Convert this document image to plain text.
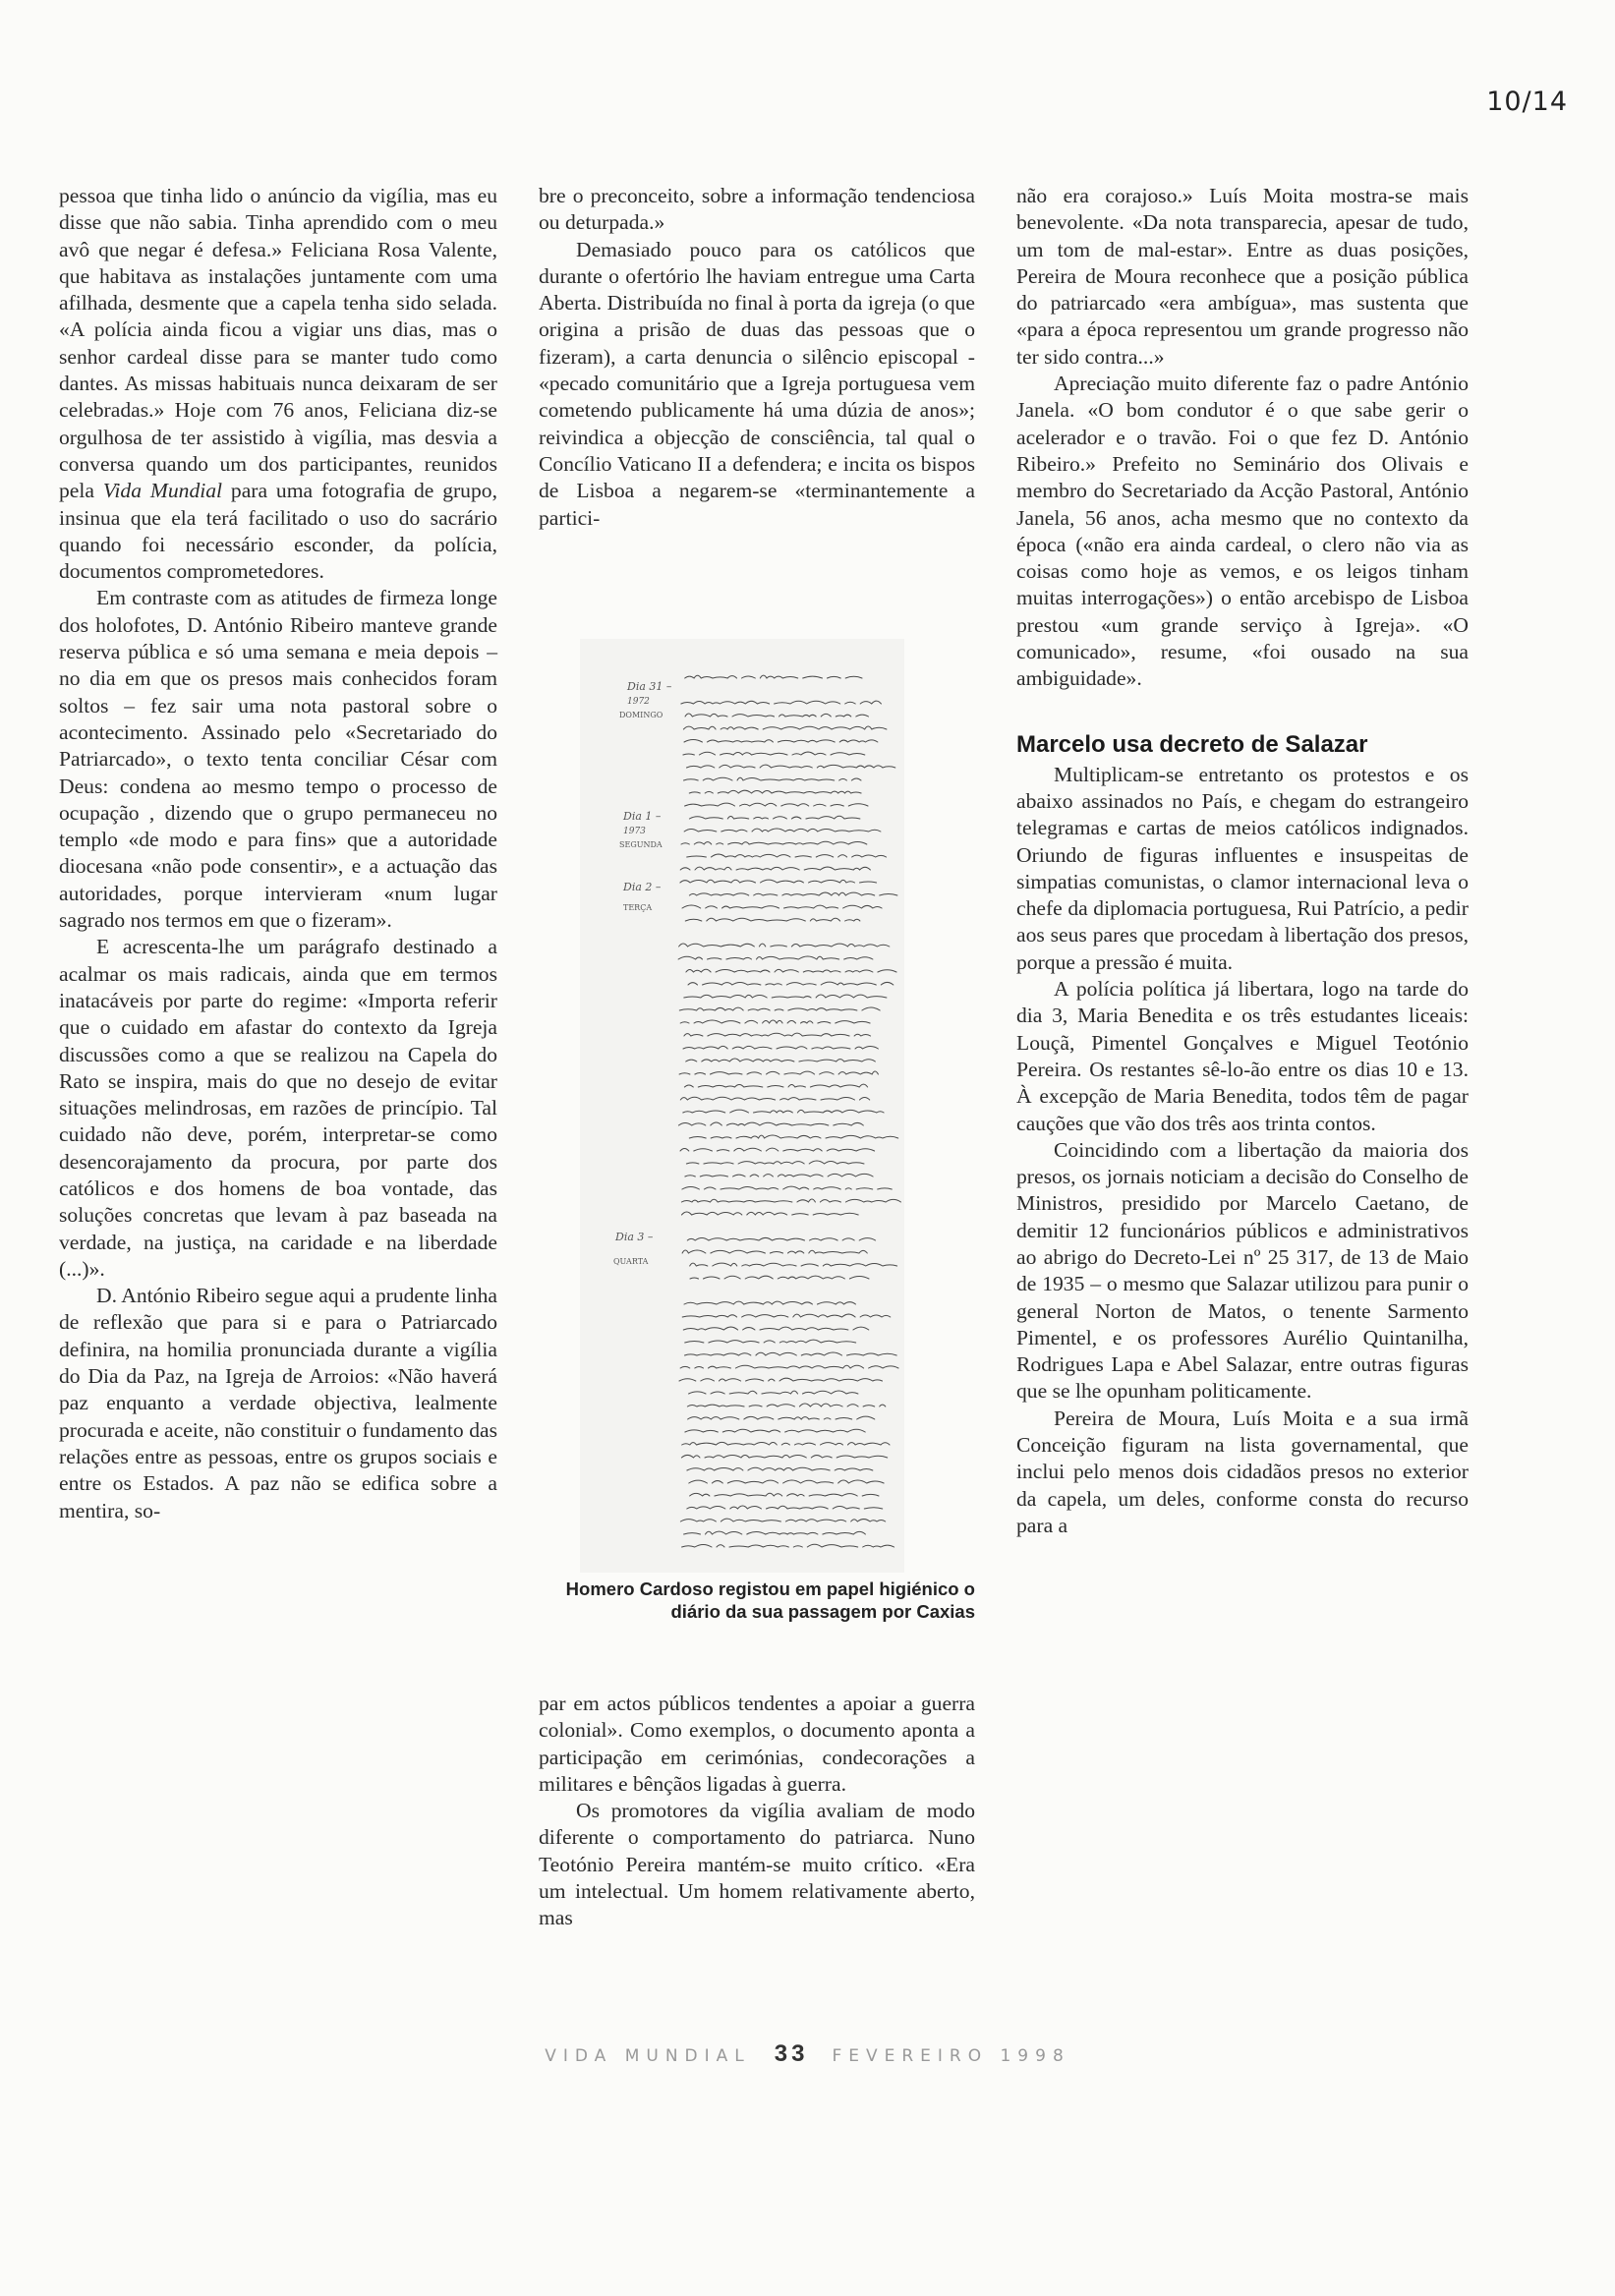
10/14

pessoa que tinha lido o anúncio da vigília, mas eu disse que não sabia. Tinha aprendido com o meu avô que negar é defesa.» Feliciana Rosa Valente, que habitava as instalações juntamente com uma afilhada, desmente que a capela tenha sido selada. «A polícia ainda ficou a vigiar uns dias, mas o senhor cardeal disse para se manter tudo como dantes. As missas habituais nunca deixaram de ser celebradas.» Hoje com 76 anos, Feliciana diz-se orgulhosa de ter assistido à vigília, mas desvia a conversa quando um dos participantes, reunidos pela Vida Mundial para uma fotografia de grupo, insinua que ela terá facilitado o uso do sacrário quando foi necessário esconder, da polícia, documentos comprometedores.

Em contraste com as atitudes de firmeza longe dos holofotes, D. António Ribeiro manteve grande reserva pública e só uma semana e meia depois – no dia em que os presos mais conhecidos foram soltos – fez sair uma nota pastoral sobre o acontecimento. Assinado pelo «Secretariado do Patriarcado», o texto tenta conciliar César com Deus: condena ao mesmo tempo o processo de ocupação , dizendo que o grupo permaneceu no templo «de modo e para fins» que a autoridade diocesana «não pode consentir», e a actuação das autoridades, porque intervieram «num lugar sagrado nos termos em que o fizeram».

E acrescenta-lhe um parágrafo destinado a acalmar os mais radicais, ainda que em termos inatacáveis por parte do regime: «Importa referir que o cuidado em afastar do contexto da Igreja discussões como a que se realizou na Capela do Rato se inspira, mais do que no desejo de evitar situações melindrosas, em razões de princípio. Tal cuidado não deve, porém, interpretar-se como desencorajamento da procura, por parte dos católicos e dos homens de boa vontade, das soluções concretas que levam à paz baseada na verdade, na justiça, na caridade e na liberdade (...)».

D. António Ribeiro segue aqui a prudente linha de reflexão que para si e para o Patriarcado definira, na homilia pronunciada durante a vigília do Dia da Paz, na Igreja de Arroios: «Não haverá paz enquanto a verdade objectiva, lealmente procurada e aceite, não constituir o fundamento das relações entre as pessoas, entre os grupos sociais e entre os Estados. A paz não se edifica sobre a mentira, so-

bre o preconceito, sobre a informação tendenciosa ou deturpada.»

Demasiado pouco para os católicos que durante o ofertório lhe haviam entregue uma Carta Aberta. Distribuída no final à porta da igreja (o que origina a prisão de duas das pessoas que o fizeram), a carta denuncia o silêncio episcopal - «pecado comunitário que a Igreja portuguesa vem cometendo publicamente há uma dúzia de anos»; reivindica a objecção de consciência, tal qual o Concílio Vaticano II a defendera; e incita os bispos de Lisboa a negarem-se «terminantemente a partici-

Dia 31 –
1972
DOMINGO
Dia 1 –
1973
SEGUNDA
Dia 2 –
TERÇA
Dia 3 –
QUARTA
Homero Cardoso registou em papel higiénico o diário da sua passagem por Caxias

par em actos públicos tendentes a apoiar a guerra colonial». Como exemplos, o documento aponta a participação em cerimónias, condecorações a militares e bênçãos ligadas à guerra.

Os promotores da vigília avaliam de modo diferente o comportamento do patriarca. Nuno Teotónio Pereira mantém-se muito crítico. «Era um intelectual. Um homem relativamente aberto, mas

não era corajoso.» Luís Moita mostra-se mais benevolente. «Da nota transparecia, apesar de tudo, um tom de mal-estar». Entre as duas posições, Pereira de Moura reconhece que a posição pública do patriarcado «era ambígua», mas sustenta que «para a época representou um grande progresso não ter sido contra...»

Apreciação muito diferente faz o padre António Janela. «O bom condutor é o que sabe gerir o acelerador e o travão. Foi o que fez D. António Ribeiro.» Prefeito no Seminário dos Olivais e membro do Secretariado da Acção Pastoral, António Janela, 56 anos, acha mesmo que no contexto da época («não era ainda cardeal, o clero não via as coisas como hoje as vemos, e os leigos tinham muitas interrogações») o então arcebispo de Lisboa prestou «um grande serviço à Igreja». «O comunicado», resume, «foi ousado na sua ambiguidade».

Marcelo usa decreto de Salazar

Multiplicam-se entretanto os protestos e os abaixo assinados no País, e chegam do estrangeiro telegramas e cartas de meios católicos indignados. Oriundo de figuras influentes e insuspeitas de simpatias comunistas, o clamor internacional leva o chefe da diplomacia portuguesa, Rui Patrício, a pedir aos seus pares que procedam à libertação dos presos, porque a pressão é muita.

A polícia política já libertara, logo na tarde do dia 3, Maria Benedita e os três estudantes liceais: Louçã, Pimentel Gonçalves e Miguel Teotónio Pereira. Os restantes sê-lo-ão entre os dias 10 e 13. À excepção de Maria Benedita, todos têm de pagar cauções que vão dos três aos trinta contos.

Coincidindo com a libertação da maioria dos presos, os jornais noticiam a decisão do Conselho de Ministros, presidido por Marcelo Caetano, de demitir 12 funcionários públicos e administrativos ao abrigo do Decreto-Lei nº 25 317, de 13 de Maio de 1935 – o mesmo que Salazar utilizou para punir o general Norton de Matos, o tenente Sarmento Pimentel, e os professores Aurélio Quintanilha, Rodrigues Lapa e Abel Salazar, entre outras figuras que se lhe opunham politicamente.

Pereira de Moura, Luís Moita e a sua irmã Conceição figuram na lista governamental, que inclui pelo menos dois cidadãos presos no exterior da capela, um deles, conforme consta do recurso para a

VIDA MUNDIAL 33 FEVEREIRO 1998
